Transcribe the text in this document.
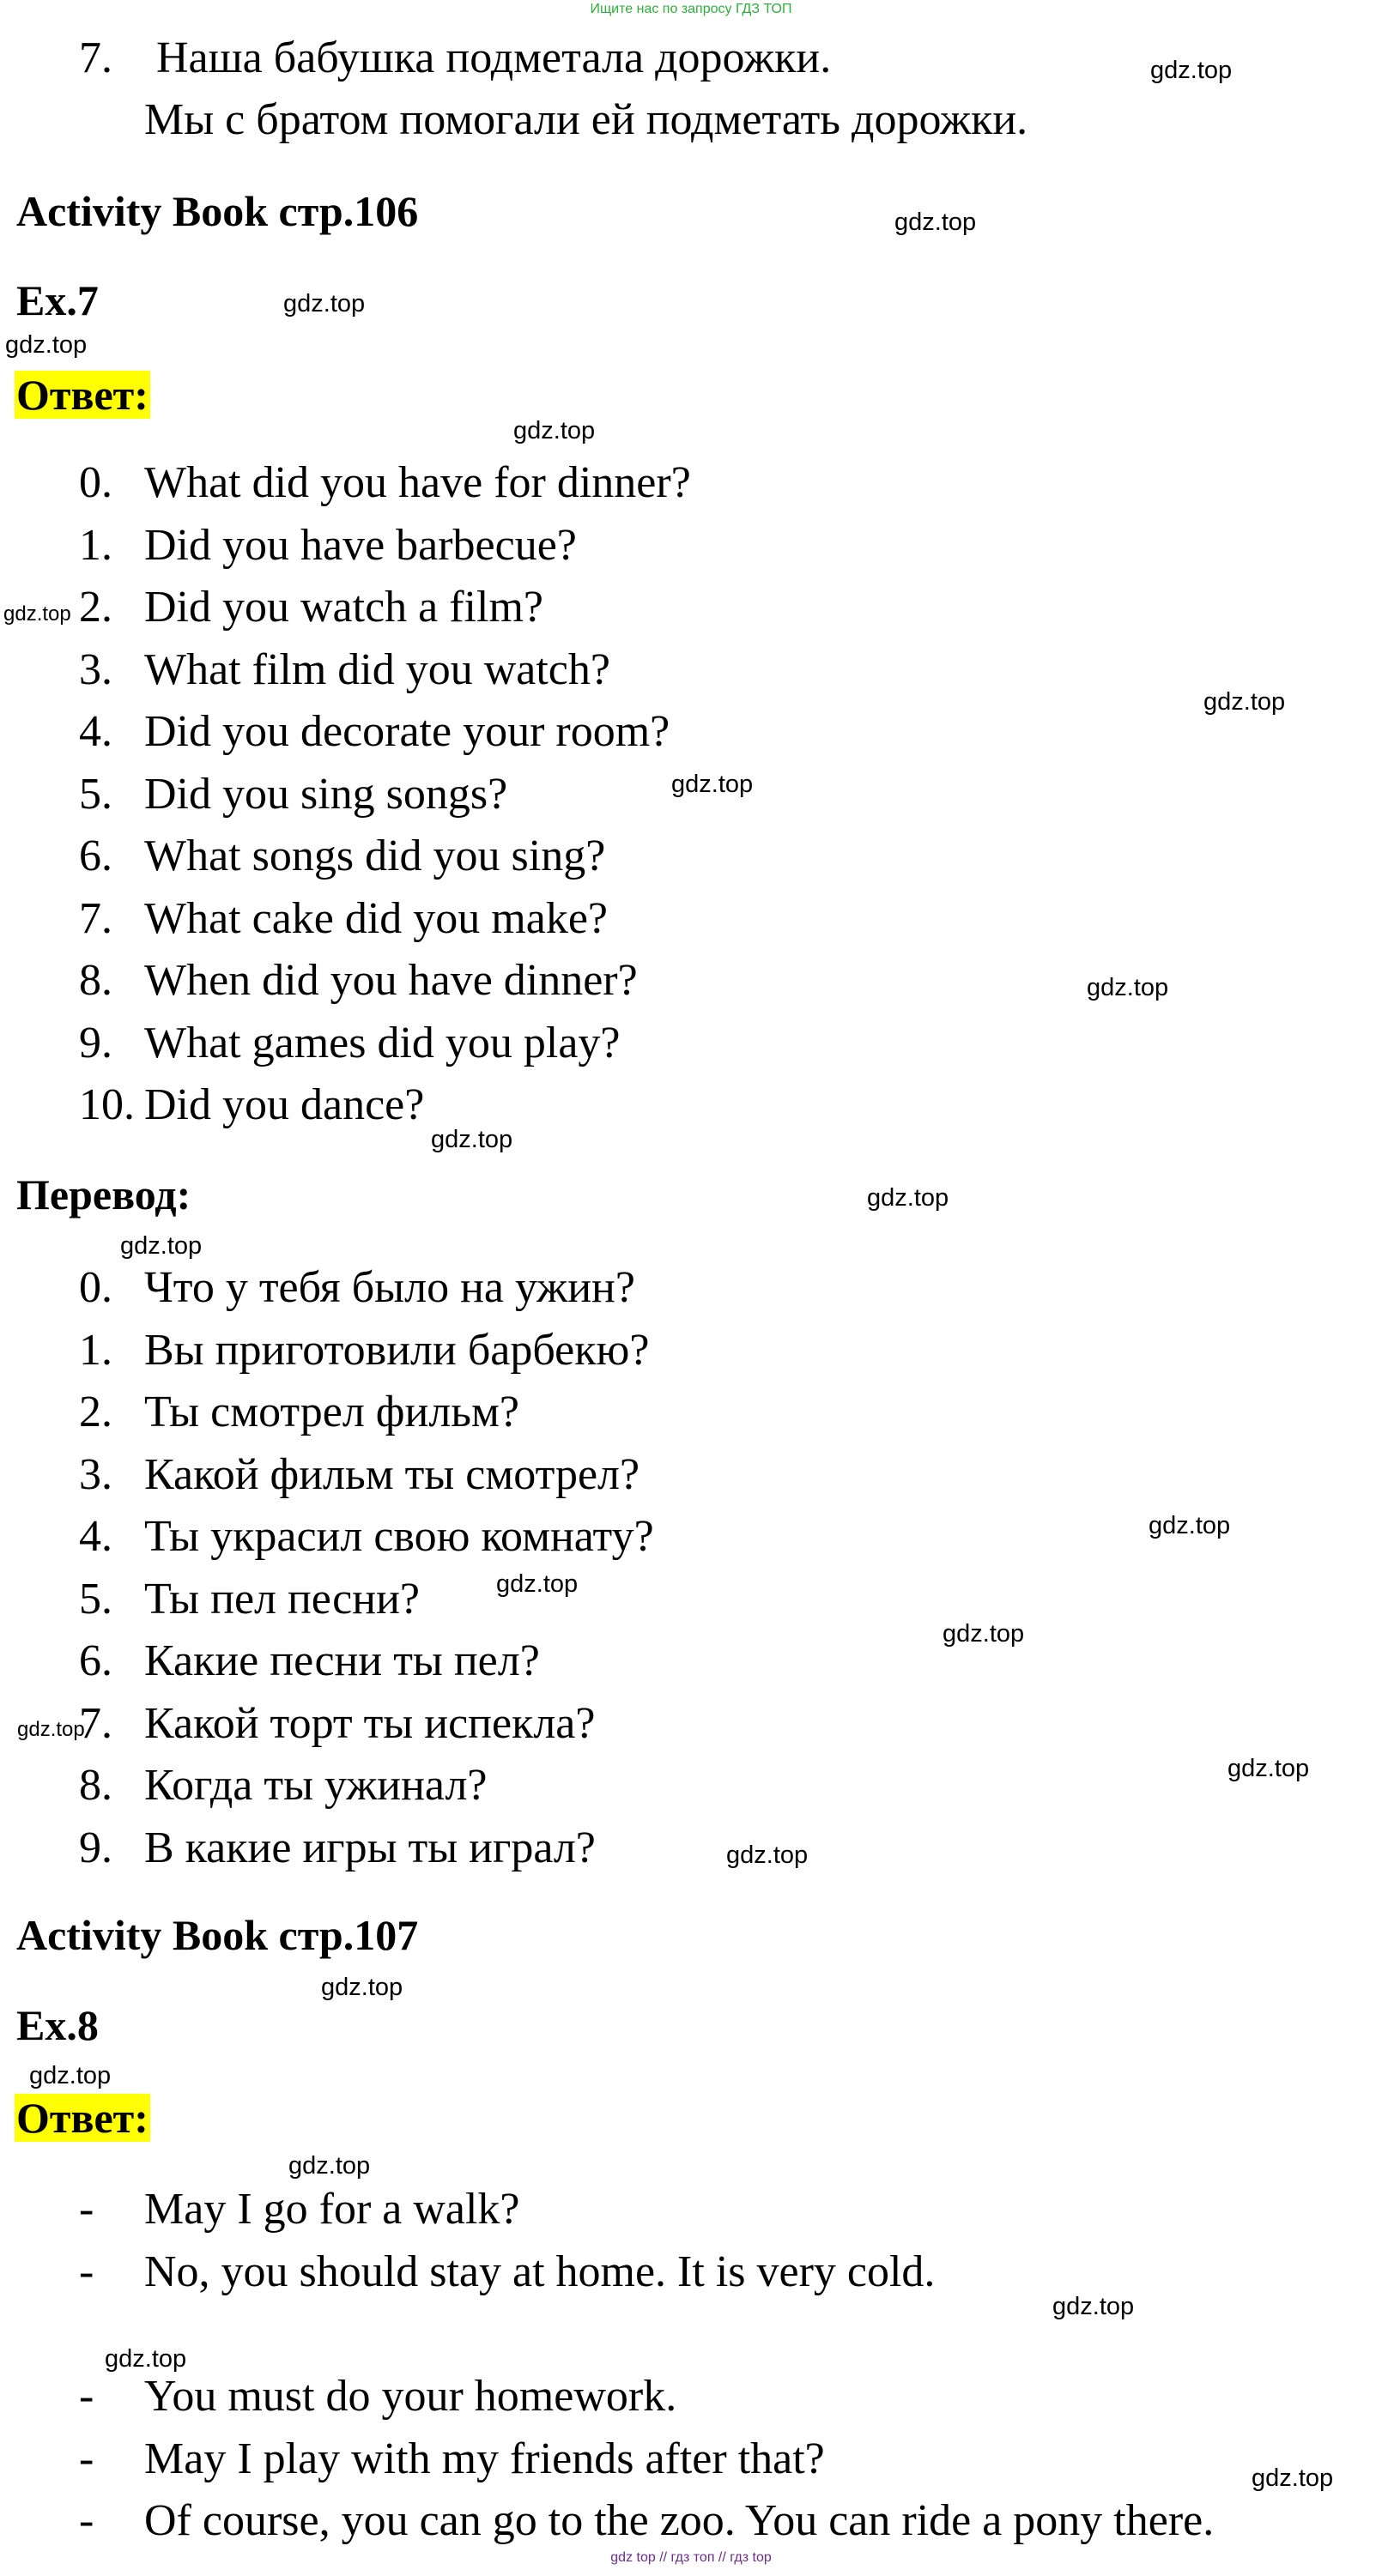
Ищите нас по запросу ГДЗ ТОП
7. Наша бабушка подметала дорожки.
Мы с братом помогали ей подметать дорожки.
Activity Book стр.106
Ex.7
Ответ:
0. What did you have for dinner?
1. Did you have barbecue?
2. Did you watch a film?
3. What film did you watch?
4. Did you decorate your room?
5. Did you sing songs?
6. What songs did you sing?
7. What cake did you make?
8. When did you have dinner?
9. What games did you play?
10. Did you dance?
Перевод:
0. Что у тебя было на ужин?
1. Вы приготовили барбекю?
2. Ты смотрел фильм?
3. Какой фильм ты смотрел?
4. Ты украсил свою комнату?
5. Ты пел песни?
6. Какие песни ты пел?
7. Какой торт ты испекла?
8. Когда ты ужинал?
9. В какие игры ты играл?
Activity Book стр.107
Ex.8
Ответ:
- May I go for a walk?
- No, you should stay at home. It is very cold.
- You must do your homework.
- May I play with my friends after that?
- Of course, you can go to the zoo. You can ride a pony there.
gdz.top
gdz.top
gdz.top
gdz.top
gdz.top
gdz.top
gdz.top
gdz.top
gdz.top
gdz.top
gdz.top
gdz.top
gdz.top
gdz.top
gdz.top
gdz.top
gdz.top
gdz.top
gdz.top
gdz.top
gdz.top
gdz.top
gdz.top
gdz.top
gdz top // гдз топ // гдз top
